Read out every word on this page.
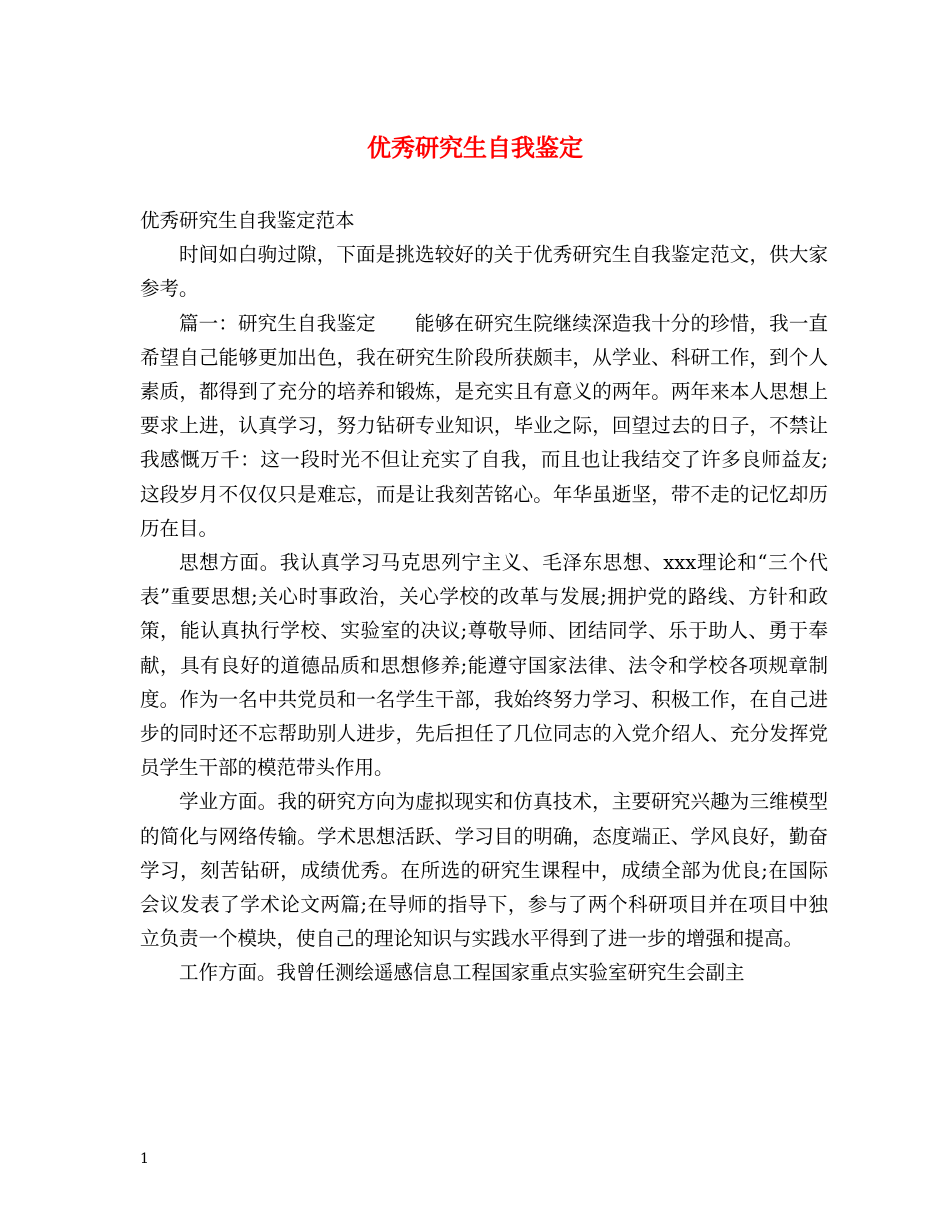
优秀研究生自我鉴定

优秀研究生自我鉴定范本

时间如白驹过隙，下面是挑选较好的关于优秀研究生自我鉴定范文，供大家参考。

篇一：研究生自我鉴定　　能够在研究生院继续深造我十分的珍惜，我一直希望自己能够更加出色，我在研究生阶段所获颇丰，从学业、科研工作，到个人素质，都得到了充分的培养和锻炼，是充实且有意义的两年。两年来本人思想上要求上进，认真学习，努力钻研专业知识，毕业之际，回望过去的日子，不禁让我感慨万千：这一段时光不但让充实了自我，而且也让我结交了许多良师益友;这段岁月不仅仅只是难忘，而是让我刻苦铭心。年华虽逝坚，带不走的记忆却历历在目。

思想方面。我认真学习马克思列宁主义、毛泽东思想、xxx理论和“三个代表”重要思想;关心时事政治，关心学校的改革与发展;拥护党的路线、方针和政策，能认真执行学校、实验室的决议;尊敬导师、团结同学、乐于助人、勇于奉献，具有良好的道德品质和思想修养;能遵守国家法律、法令和学校各项规章制度。作为一名中共党员和一名学生干部，我始终努力学习、积极工作，在自己进步的同时还不忘帮助别人进步，先后担任了几位同志的入党介绍人、充分发挥党员学生干部的模范带头作用。

学业方面。我的研究方向为虚拟现实和仿真技术，主要研究兴趣为三维模型的简化与网络传输。学术思想活跃、学习目的明确，态度端正、学风良好，勤奋学习，刻苦钻研，成绩优秀。在所选的研究生课程中，成绩全部为优良;在国际会议发表了学术论文两篇;在导师的指导下，参与了两个科研项目并在项目中独立负责一个模块，使自己的理论知识与实践水平得到了进一步的增强和提高。

工作方面。我曾任测绘遥感信息工程国家重点实验室研究生会副主

1
